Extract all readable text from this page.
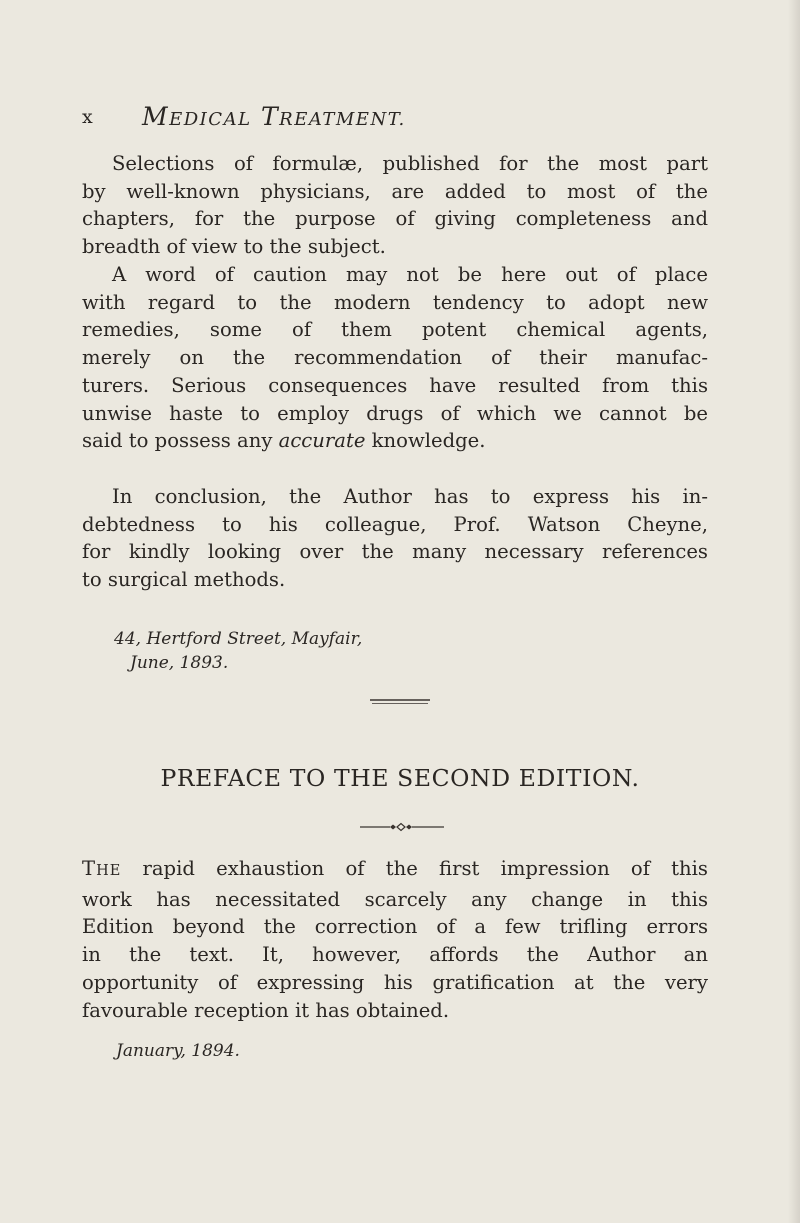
x MEDICAL TREATMENT.

Selections of formulæ, published for the most part
by well-known physicians, are added to most of the
chapters, for the purpose of giving completeness and
breadth of view to the subject.

A word of caution may not be here out of place
with regard to the modern tendency to adopt new
remedies, some of them potent chemical agents,
merely on the recommendation of their manufac-
turers. Serious consequences have resulted from this
unwise haste to employ drugs of which we cannot be
said to possess any accurate knowledge.

In conclusion, the Author has to express his in-
debtedness to his colleague, Prof. Watson Cheyne,
for kindly looking over the many necessary references
to surgical methods.

44, Hertford Street, Mayfair,
June, 1893.
PREFACE TO THE SECOND EDITION.

THE rapid exhaustion of the first impression of this
work has necessitated scarcely any change in this
Edition beyond the correction of a few trifling errors
in the text. It, however, affords the Author an
opportunity of expressing his gratification at the very
favourable reception it has obtained.

January, 1894.
